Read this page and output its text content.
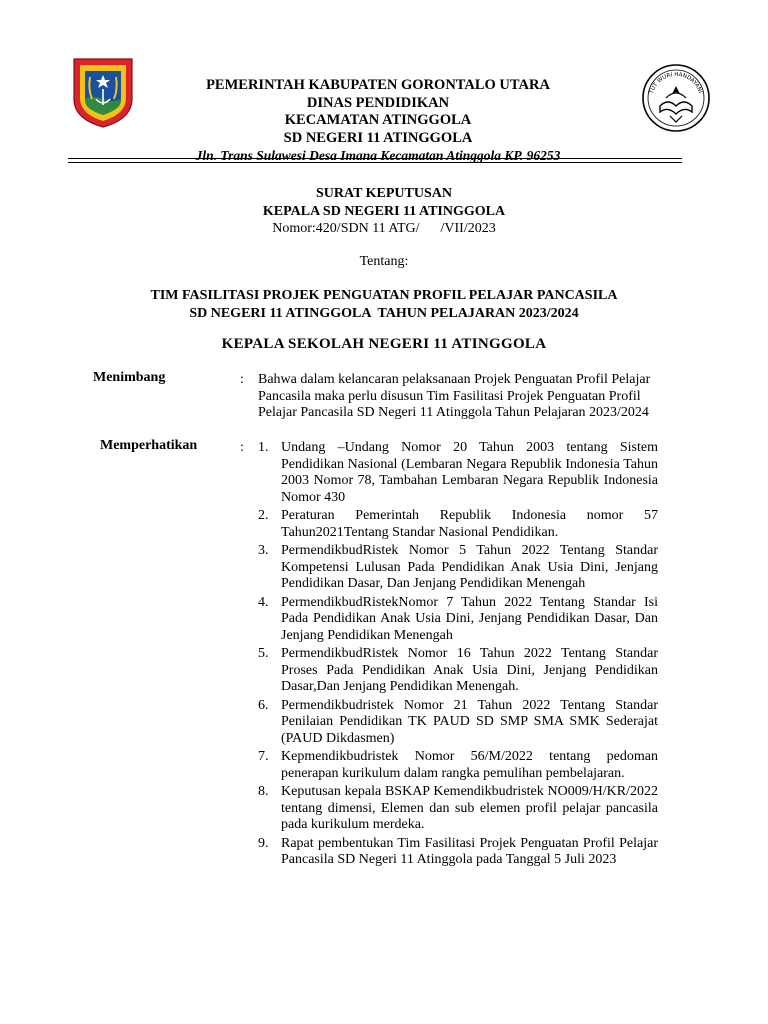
PEMERINTAH KABUPATEN GORONTALO UTARA
DINAS PENDIDIKAN
KECAMATAN ATINGGOLA
SD NEGERI 11 ATINGGOLA
Jln. Trans Sulawesi Desa Imana Kecamatan Atinggola KP. 96253
TUT WURI HANDAYANI
SURAT KEPUTUSAN
KEPALA SD NEGERI 11 ATINGGOLA
Nomor:420/SDN 11 ATG/      /VII/2023
Tentang:
TIM FASILITASI PROJEK PENGUATAN PROFIL PELAJAR PANCASILA
SD NEGERI 11 ATINGGOLA  TAHUN PELAJARAN 2023/2024
KEPALA SEKOLAH NEGERI 11 ATINGGOLA
Menimbang	: Bahwa dalam kelancaran pelaksanaan Projek Penguatan Profil Pelajar Pancasila maka perlu disusun Tim Fasilitasi Projek Penguatan Profil Pelajar Pancasila SD Negeri 11 Atinggola Tahun Pelajaran 2023/2024
Memperhatikan	: 1. Undang –Undang Nomor 20 Tahun 2003 tentang Sistem Pendidikan Nasional (Lembaran Negara Republik Indonesia Tahun 2003 Nomor 78, Tambahan Lembaran Negara Republik Indonesia Nomor 430
2. Peraturan Pemerintah Republik Indonesia nomor 57 Tahun2021Tentang Standar Nasional Pendidikan.
3. PermendikbudRistek Nomor 5 Tahun 2022 Tentang Standar Kompetensi Lulusan Pada Pendidikan Anak Usia Dini, Jenjang Pendidikan Dasar, Dan Jenjang Pendidikan Menengah
4. PermendikbudRistekNomor 7 Tahun 2022 Tentang Standar Isi Pada Pendidikan Anak Usia Dini, Jenjang Pendidikan Dasar, Dan Jenjang Pendidikan Menengah
5. PermendikbudRistek Nomor 16 Tahun 2022 Tentang Standar Proses Pada Pendidikan Anak Usia Dini, Jenjang Pendidikan Dasar,Dan Jenjang Pendidikan Menengah.
6. Permendikbudristek Nomor 21 Tahun 2022 Tentang Standar Penilaian Pendidikan TK PAUD SD SMP SMA SMK Sederajat (PAUD Dikdasmen)
7. Kepmendikbudristek Nomor 56/M/2022 tentang pedoman penerapan kurikulum dalam rangka pemulihan pembelajaran.
8. Keputusan kepala BSKAP Kemendikbudristek NO009/H/KR/2022 tentang dimensi, Elemen dan sub elemen profil pelajar pancasila pada kurikulum merdeka.
9. Rapat pembentukan Tim Fasilitasi Projek Penguatan Profil Pelajar Pancasila SD Negeri 11 Atinggola pada Tanggal 5 Juli 2023
